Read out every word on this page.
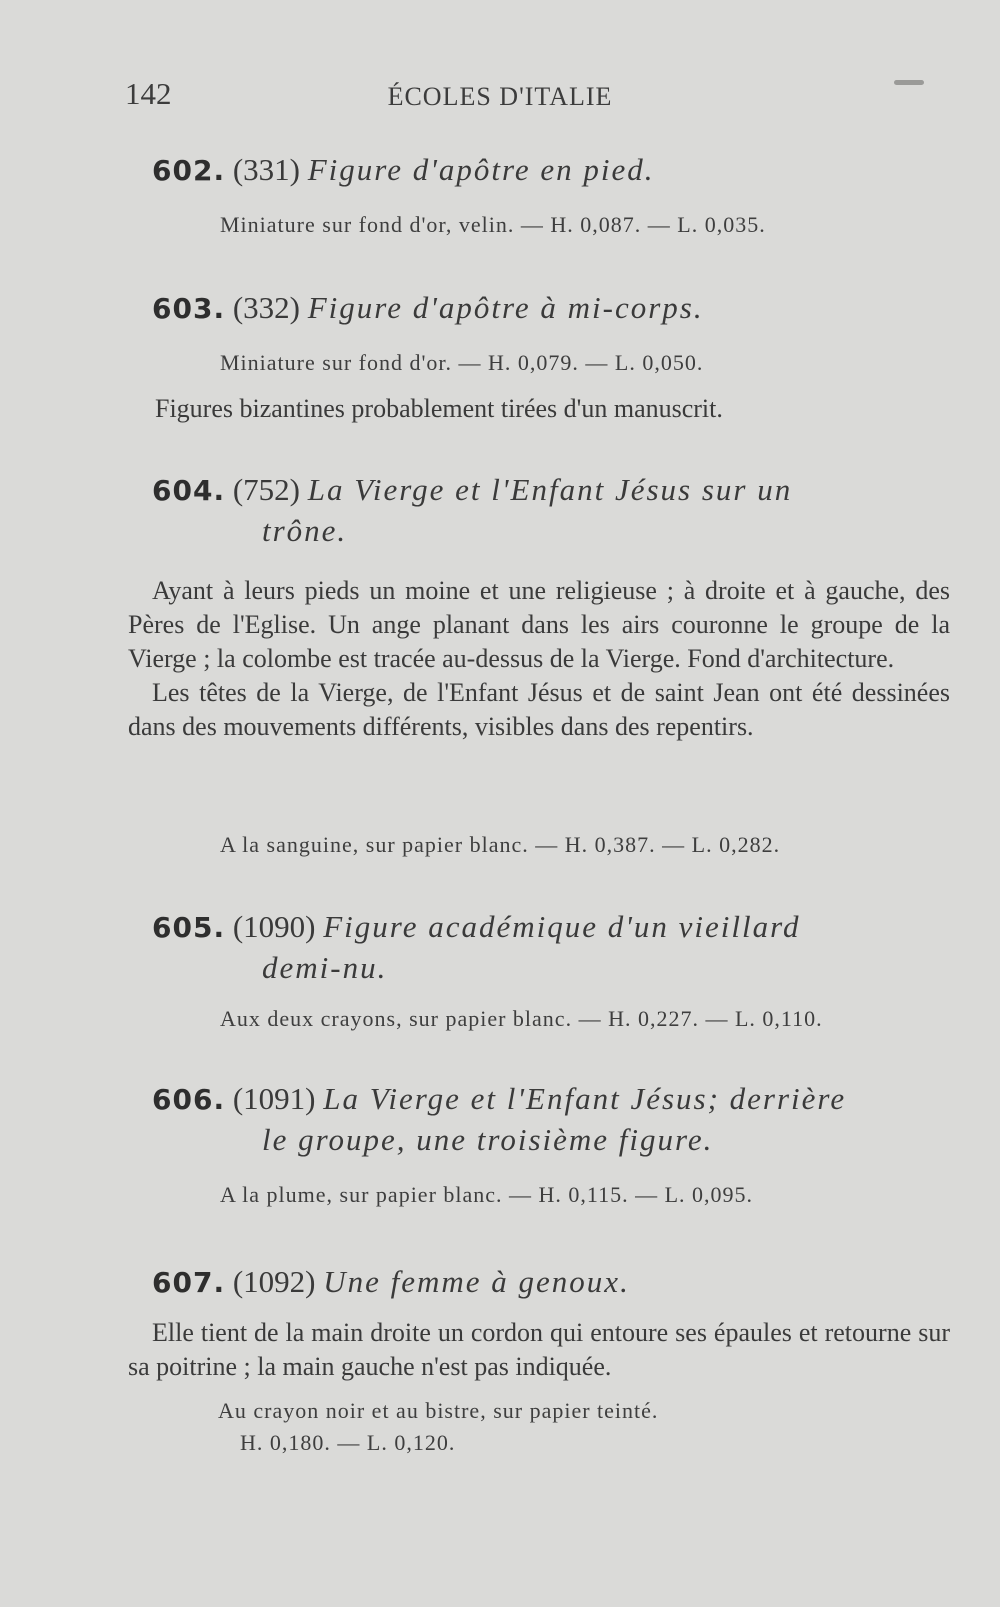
142	ÉCOLES D'ITALIE
602. (331) Figure d'apôtre en pied.
Miniature sur fond d'or, velin. — H. 0,087. — L. 0,035.
603. (332) Figure d'apôtre à mi-corps.
Miniature sur fond d'or. — H. 0,079. — L. 0,050.

Figures bizantines probablement tirées d'un manuscrit.

604. (752) La Vierge et l'Enfant Jésus sur un
trône.

Ayant à leurs pieds un moine et une religieuse ; à droite et à gauche, des Pères de l'Eglise. Un ange planant dans les airs couronne le groupe de la Vierge ; la colombe est tracée au-dessus de la Vierge. Fond d'architecture.

Les têtes de la Vierge, de l'Enfant Jésus et de saint Jean ont été dessinées dans des mouvements différents, visibles dans des repentirs.

A la sanguine, sur papier blanc. — H. 0,387. — L. 0,282.
605. (1090) Figure académique d'un vieillard
demi-nu.
Aux deux crayons, sur papier blanc. — H. 0,227. — L. 0,110.
606. (1091) La Vierge et l'Enfant Jésus; derrière
le groupe, une troisième figure.
A la plume, sur papier blanc. — H. 0,115. — L. 0,095.
607. (1092) Une femme à genoux.

Elle tient de la main droite un cordon qui entoure ses épaules et retourne sur sa poitrine ; la main gauche n'est pas indiquée.

Au crayon noir et au bistre, sur papier teinté.
H. 0,180. — L. 0,120.
